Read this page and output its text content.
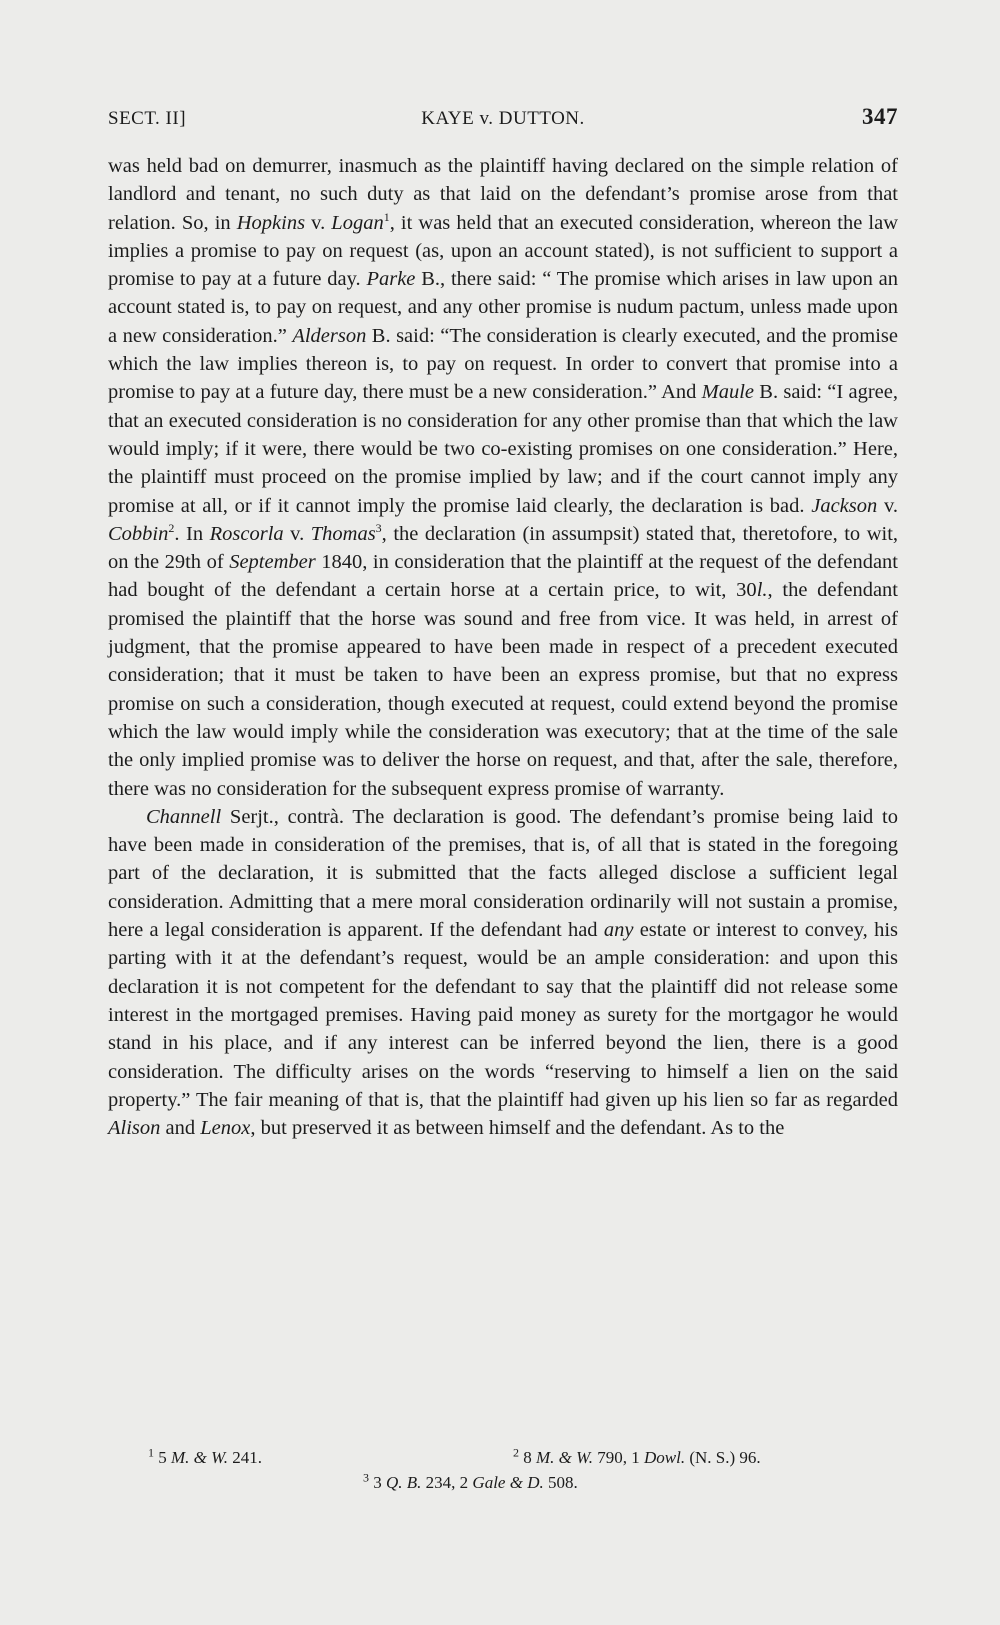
SECT. II]	KAYE v. DUTTON.	347

was held bad on demurrer, inasmuch as the plaintiff having declared on the simple relation of landlord and tenant, no such duty as that laid on the defendant’s promise arose from that relation. So, in Hopkins v. Logan$^1$, it was held that an executed consideration, whereon the law implies a promise to pay on request (as, upon an account stated), is not sufficient to support a promise to pay at a future day. Parke B., there said: “ The promise which arises in law upon an account stated is, to pay on request, and any other promise is nudum pactum, unless made upon a new consideration.” Alderson B. said: “The consideration is clearly executed, and the promise which the law implies thereon is, to pay on request. In order to convert that promise into a promise to pay at a future day, there must be a new consideration.” And Maule B. said: “I agree, that an executed consideration is no consideration for any other promise than that which the law would imply; if it were, there would be two co-existing promises on one consideration.” Here, the plaintiff must proceed on the promise implied by law; and if the court cannot imply any promise at all, or if it cannot imply the promise laid clearly, the declaration is bad. Jackson v. Cobbin$^2$. In Roscorla v. Thomas$^3$, the declaration (in assumpsit) stated that, theretofore, to wit, on the 29th of September 1840, in consideration that the plaintiff at the request of the defendant had bought of the defendant a certain horse at a certain price, to wit, 30l., the defendant promised the plaintiff that the horse was sound and free from vice. It was held, in arrest of judgment, that the promise appeared to have been made in respect of a precedent executed consideration; that it must be taken to have been an express promise, but that no express promise on such a consideration, though executed at request, could extend beyond the promise which the law would imply while the consideration was executory; that at the time of the sale the only implied promise was to deliver the horse on request, and that, after the sale, therefore, there was no consideration for the subsequent express promise of warranty.

Channell Serjt., contrà. The declaration is good. The defendant’s promise being laid to have been made in consideration of the premises, that is, of all that is stated in the foregoing part of the declaration, it is submitted that the facts alleged disclose a sufficient legal consideration. Admitting that a mere moral consideration ordinarily will not sustain a promise, here a legal consideration is apparent. If the defendant had any estate or interest to convey, his parting with it at the defendant’s request, would be an ample consideration: and upon this declaration it is not competent for the defendant to say that the plaintiff did not release some interest in the mortgaged premises. Having paid money as surety for the mortgagor he would stand in his place, and if any interest can be inferred beyond the lien, there is a good consideration. The difficulty arises on the words “reserving to himself a lien on the said property.” The fair meaning of that is, that the plaintiff had given up his lien so far as regarded Alison and Lenox, but preserved it as between himself and the defendant. As to the

$^1$ 5 M. & W. 241.	$^2$ 8 M. & W. 790, 1 Dowl. (N. S.) 96.
$^3$ 3 Q. B. 234, 2 Gale & D. 508.
